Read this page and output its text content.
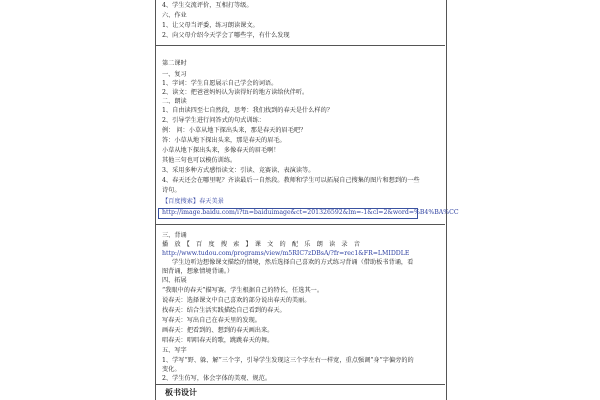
4、学生交流评价，互相打等级。
六、作业
1、让父母当评委，练习朗读课文。
2、向父母介绍今天学会了哪些字，有什么发现
第二课时
一、复习
1、字词：学生自愿展示自己学会的词语。
2、读文：把爸爸妈妈认为读得好的地方读给伙伴听。
二、朗读
1、自由读四至七自然段，思考：我们找到的春天是什么样的？
2、引导学生进行问答式的句式训练：
例： 问：小草从地下探出头来，那是春天的眉毛吧？
答：小草从地下探出头来，那是春天的眉毛。
小草从地下探出头来，多像春天的眉毛啊！
其他三句也可以模仿训练。
3、采用多种方式感悟读文：引读、竞赛读、表演读等。
4、春天还会在哪里呢？齐读最后一自然段。教师和学生可以拓展自己搜集的图片和想到的一些
诗句。
【百度搜索】春天美景
http://image.baidu.com/i?tn=baiduimage&ct=201326592&lm=-1&cl=2&word=%B4%BA%CC
三、背诵
播　放　【　百　度　搜　索　】　课　文　的　配　乐　朗　读　录　音
http://www.tudou.com/programs/view/m5RIC7zDBsA/?fr=rec1&FR=LMIDDLE
学生边听边想像课文描绘的情境，然后选择自己喜欢的方式练习背诵（借助板书背诵，看
图背诵，想象情境背诵。）
四、拓展
“我眼中的春天”描写赛。学生根据自己的特长，任选其一。
说春天：选择课文中自己喜欢的部分说出春天的美丽。
找春天：结合生活实践描绘自己看到的春天。
写春天：写出自己在春天里的发现。
画春天：把看到的、想到的春天画出来。
唱春天：唱唱春天的歌，跳跳春天的舞。
五、写字
1、学写“野、躲、解”三个字，引导学生发现这三个字左右一样宽，重点强调“身”字偏旁的的
变化。
2、学生仿写，体会字体的美观、规范。
板书设计
